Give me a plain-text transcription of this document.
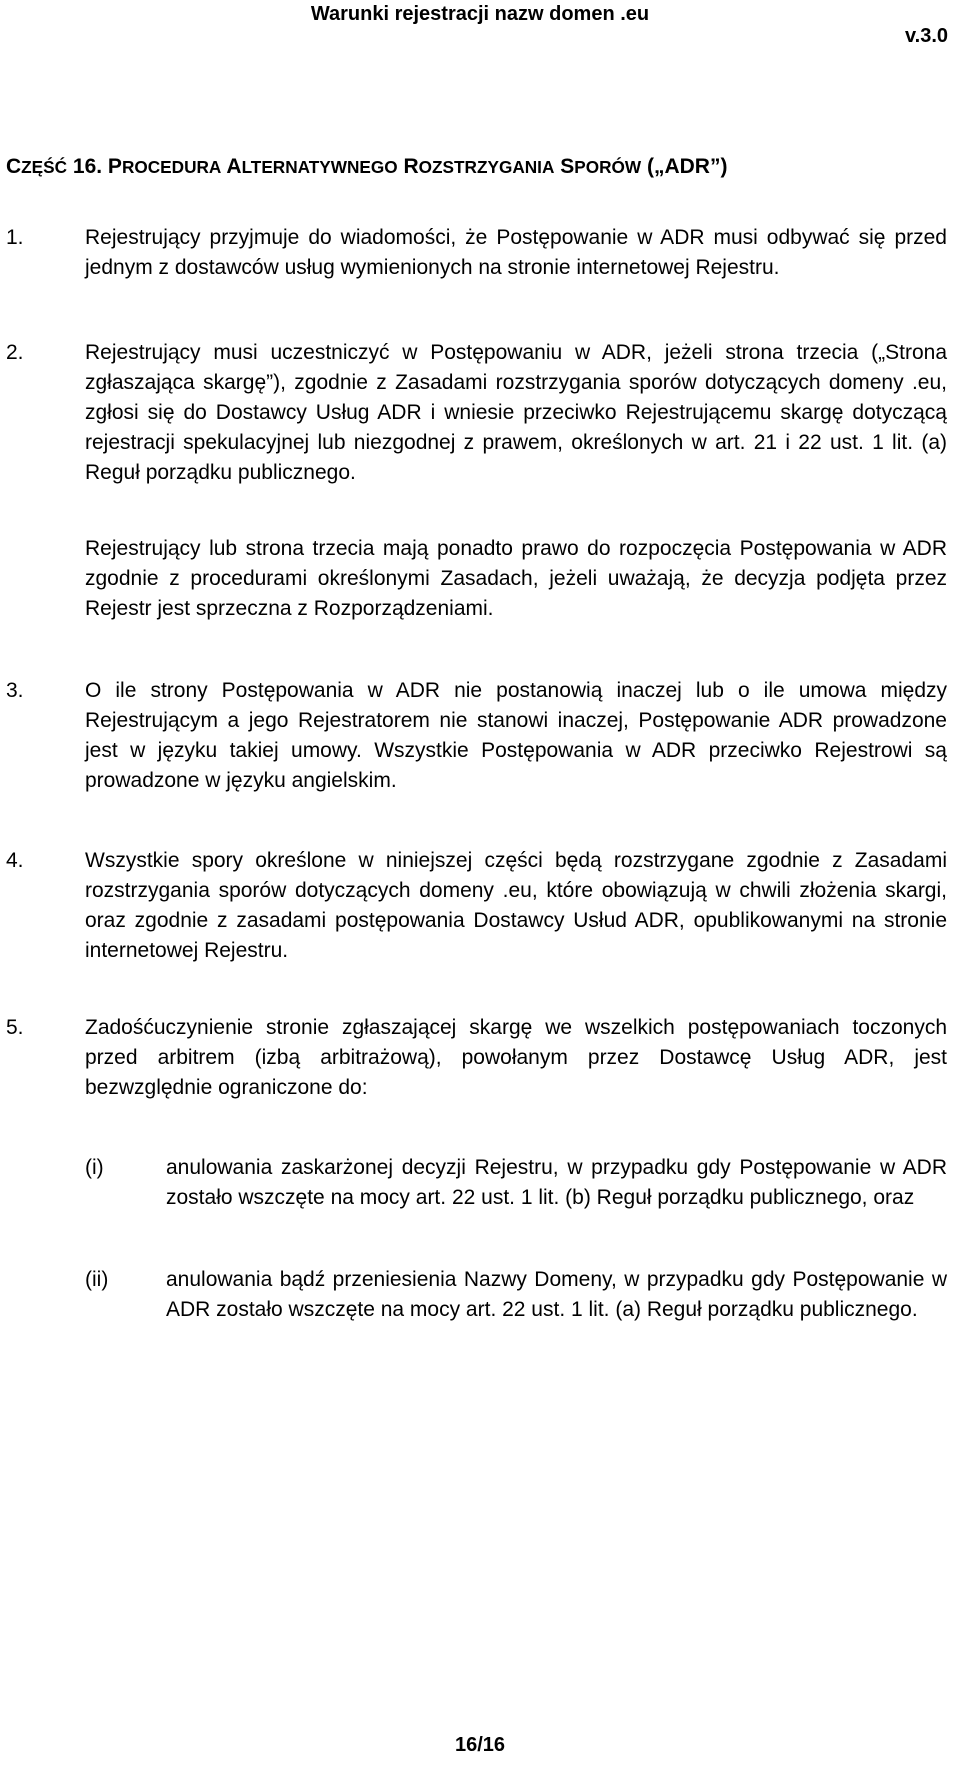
Warunki rejestracji nazw domen .eu
v.3.0
CZĘŚĆ 16. PROCEDURA ALTERNATYWNEGO ROZSTRZYGANIA SPORÓW („ADR”)
1.	Rejestrujący przyjmuje do wiadomości, że Postępowanie w ADR musi odbywać się przed jednym z dostawców usług wymienionych na stronie internetowej Rejestru.
2.	Rejestrujący musi uczestniczyć w Postępowaniu w ADR, jeżeli strona trzecia („Strona zgłaszająca skargę”), zgodnie z Zasadami rozstrzygania sporów dotyczących domeny .eu, zgłosi się do Dostawcy Usług ADR i wniesie przeciwko Rejestrującemu skargę dotyczącą rejestracji spekulacyjnej lub niezgodnej z prawem, określonych w art. 21 i 22 ust. 1 lit. (a) Reguł porządku publicznego.
Rejestrujący lub strona trzecia mają ponadto prawo do rozpoczęcia Postępowania w ADR zgodnie z procedurami określonymi Zasadach, jeżeli uważają, że decyzja podjęta przez Rejestr jest sprzeczna z Rozporządzeniami.
3.	O ile strony Postępowania w ADR nie postanowią inaczej lub o ile umowa między Rejestrującym a jego Rejestratorem nie stanowi inaczej, Postępowanie ADR prowadzone jest w języku takiej umowy. Wszystkie Postępowania w ADR przeciwko Rejestrowi są prowadzone w języku angielskim.
4.	Wszystkie spory określone w niniejszej części będą rozstrzygane zgodnie z Zasadami rozstrzygania sporów dotyczących domeny .eu, które obowiązują w chwili złożenia skargi, oraz zgodnie z zasadami postępowania Dostawcy Usłud ADR, opublikowanymi na stronie internetowej Rejestru.
5.	Zadośćuczynienie stronie zgłaszającej skargę we wszelkich postępowaniach toczonych przed arbitrem (izbą arbitrażową), powołanym przez Dostawcę Usług ADR, jest bezwzględnie ograniczone do:
(i)	anulowania zaskarżonej decyzji Rejestru, w przypadku gdy Postępowanie w ADR zostało wszczęte na mocy art. 22 ust. 1 lit. (b) Reguł porządku publicznego, oraz
(ii)	anulowania bądź przeniesienia Nazwy Domeny, w przypadku gdy Postępowanie w ADR zostało wszczęte na mocy art. 22 ust. 1 lit. (a) Reguł porządku publicznego.
16/16
